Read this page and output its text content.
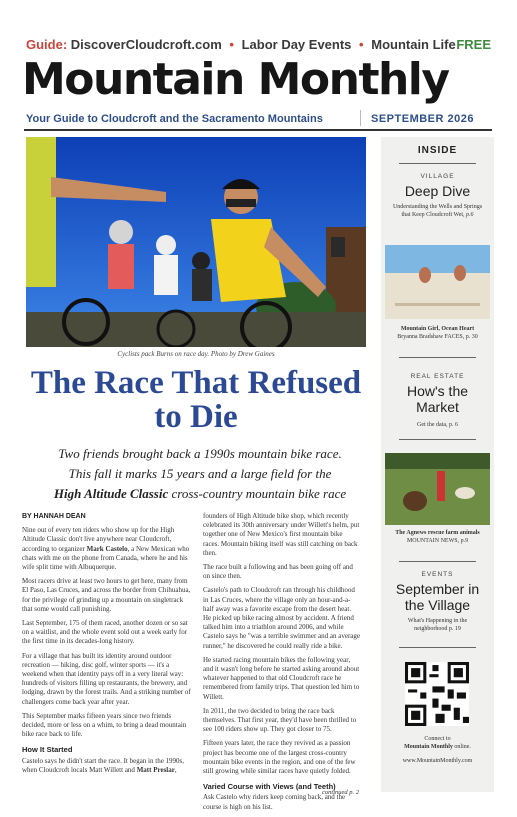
Guide: DiscoverCloudcroft.com • Labor Day Events • Mountain Life FREE
Mountain Monthly
Your Guide to Cloudcroft and the Sacramento Mountains	SEPTEMBER 2026
Cyclists pack Burns on race day. Photo by Drew Gaines
The Race That Refused to Die
Two friends brought back a 1990s mountain bike race.
This fall it marks 15 years and a large field for the
High Altitude Classic cross-country mountain bike race
BY HANNAH DEAN

Nine out of every ten riders who show up for the High Altitude Classic don't live anywhere near Cloudcroft, according to organizer Mark Castelo, a New Mexican who chats with me on the phone from Canada, where he and his wife split time with Albuquerque.

Most racers drive at least two hours to get here, many from El Paso, Las Cruces, and across the border from Chihuahua, for the privilege of grinding up a mountain on singletrack that some would call punishing.

Last September, 175 of them raced, another dozen or so sat on a waitlist, and the whole event sold out a week early for the first time in its decades-long history.

For a village that has built its identity around outdoor recreation — hiking, disc golf, winter sports — it's a weekend when that identity pays off in a very literal way: hundreds of visitors filling up restaurants, the brewery, and lodging, drawn by the forest trails. And a striking number of challengers come back year after year.

This September marks fifteen years since two friends decided, more or less on a whim, to bring a dead mountain bike race back to life.

How It Started

Castelo says he didn't start the race. It began in the 1990s, when Cloudcroft locals Matt Willett and Matt Preslar,

founders of High Altitude bike shop, which recently celebrated its 30th anniversary under Willett's helm, put together one of New Mexico's first mountain bike races. Mountain biking itself was still catching on back then.

The race built a following and has been going off and on since then.

Castelo's path to Cloudcroft ran through his childhood in Las Cruces, where the village only an hour-and-a-half away was a favorite escape from the desert heat. He picked up bike racing almost by accident. A friend talked him into a triathlon around 2006, and while Castelo says he "was a terrible swimmer and an average runner," he discovered he could really ride a bike.

He started racing mountain bikes the following year, and it wasn't long before he started asking around about whatever happened to that old Cloudcroft race he remembered from family trips. That question led him to Willett.

In 2011, the two decided to bring the race back themselves. That first year, they'd have been thrilled to see 100 riders show up. They got closer to 75.

Fifteen years later, the race they revived as a passion project has become one of the largest cross-country mountain bike events in the region, and one of the few still growing while similar races have quietly folded.

Varied Course with Views (and Teeth)

Ask Castelo why riders keep coming back, and the course is high on his list.

continued p. 2
INSIDE
VILLAGE
Deep Dive
Understanding the Wells and Springs that Keep Cloudcroft Wet, p.6
Mountain Girl, Ocean Heart
Bryanna Bradshaw FACES, p. 30
REAL ESTATE
How's the Market
Get the data, p. 6
The Agnews rescue farm animals
MOUNTAIN NEWS, p.9
EVENTS
September in the Village
What's Happening in the neighborhood p. 19
Connect to
Mountain Monthly online.
www.MountainMonthly.com
